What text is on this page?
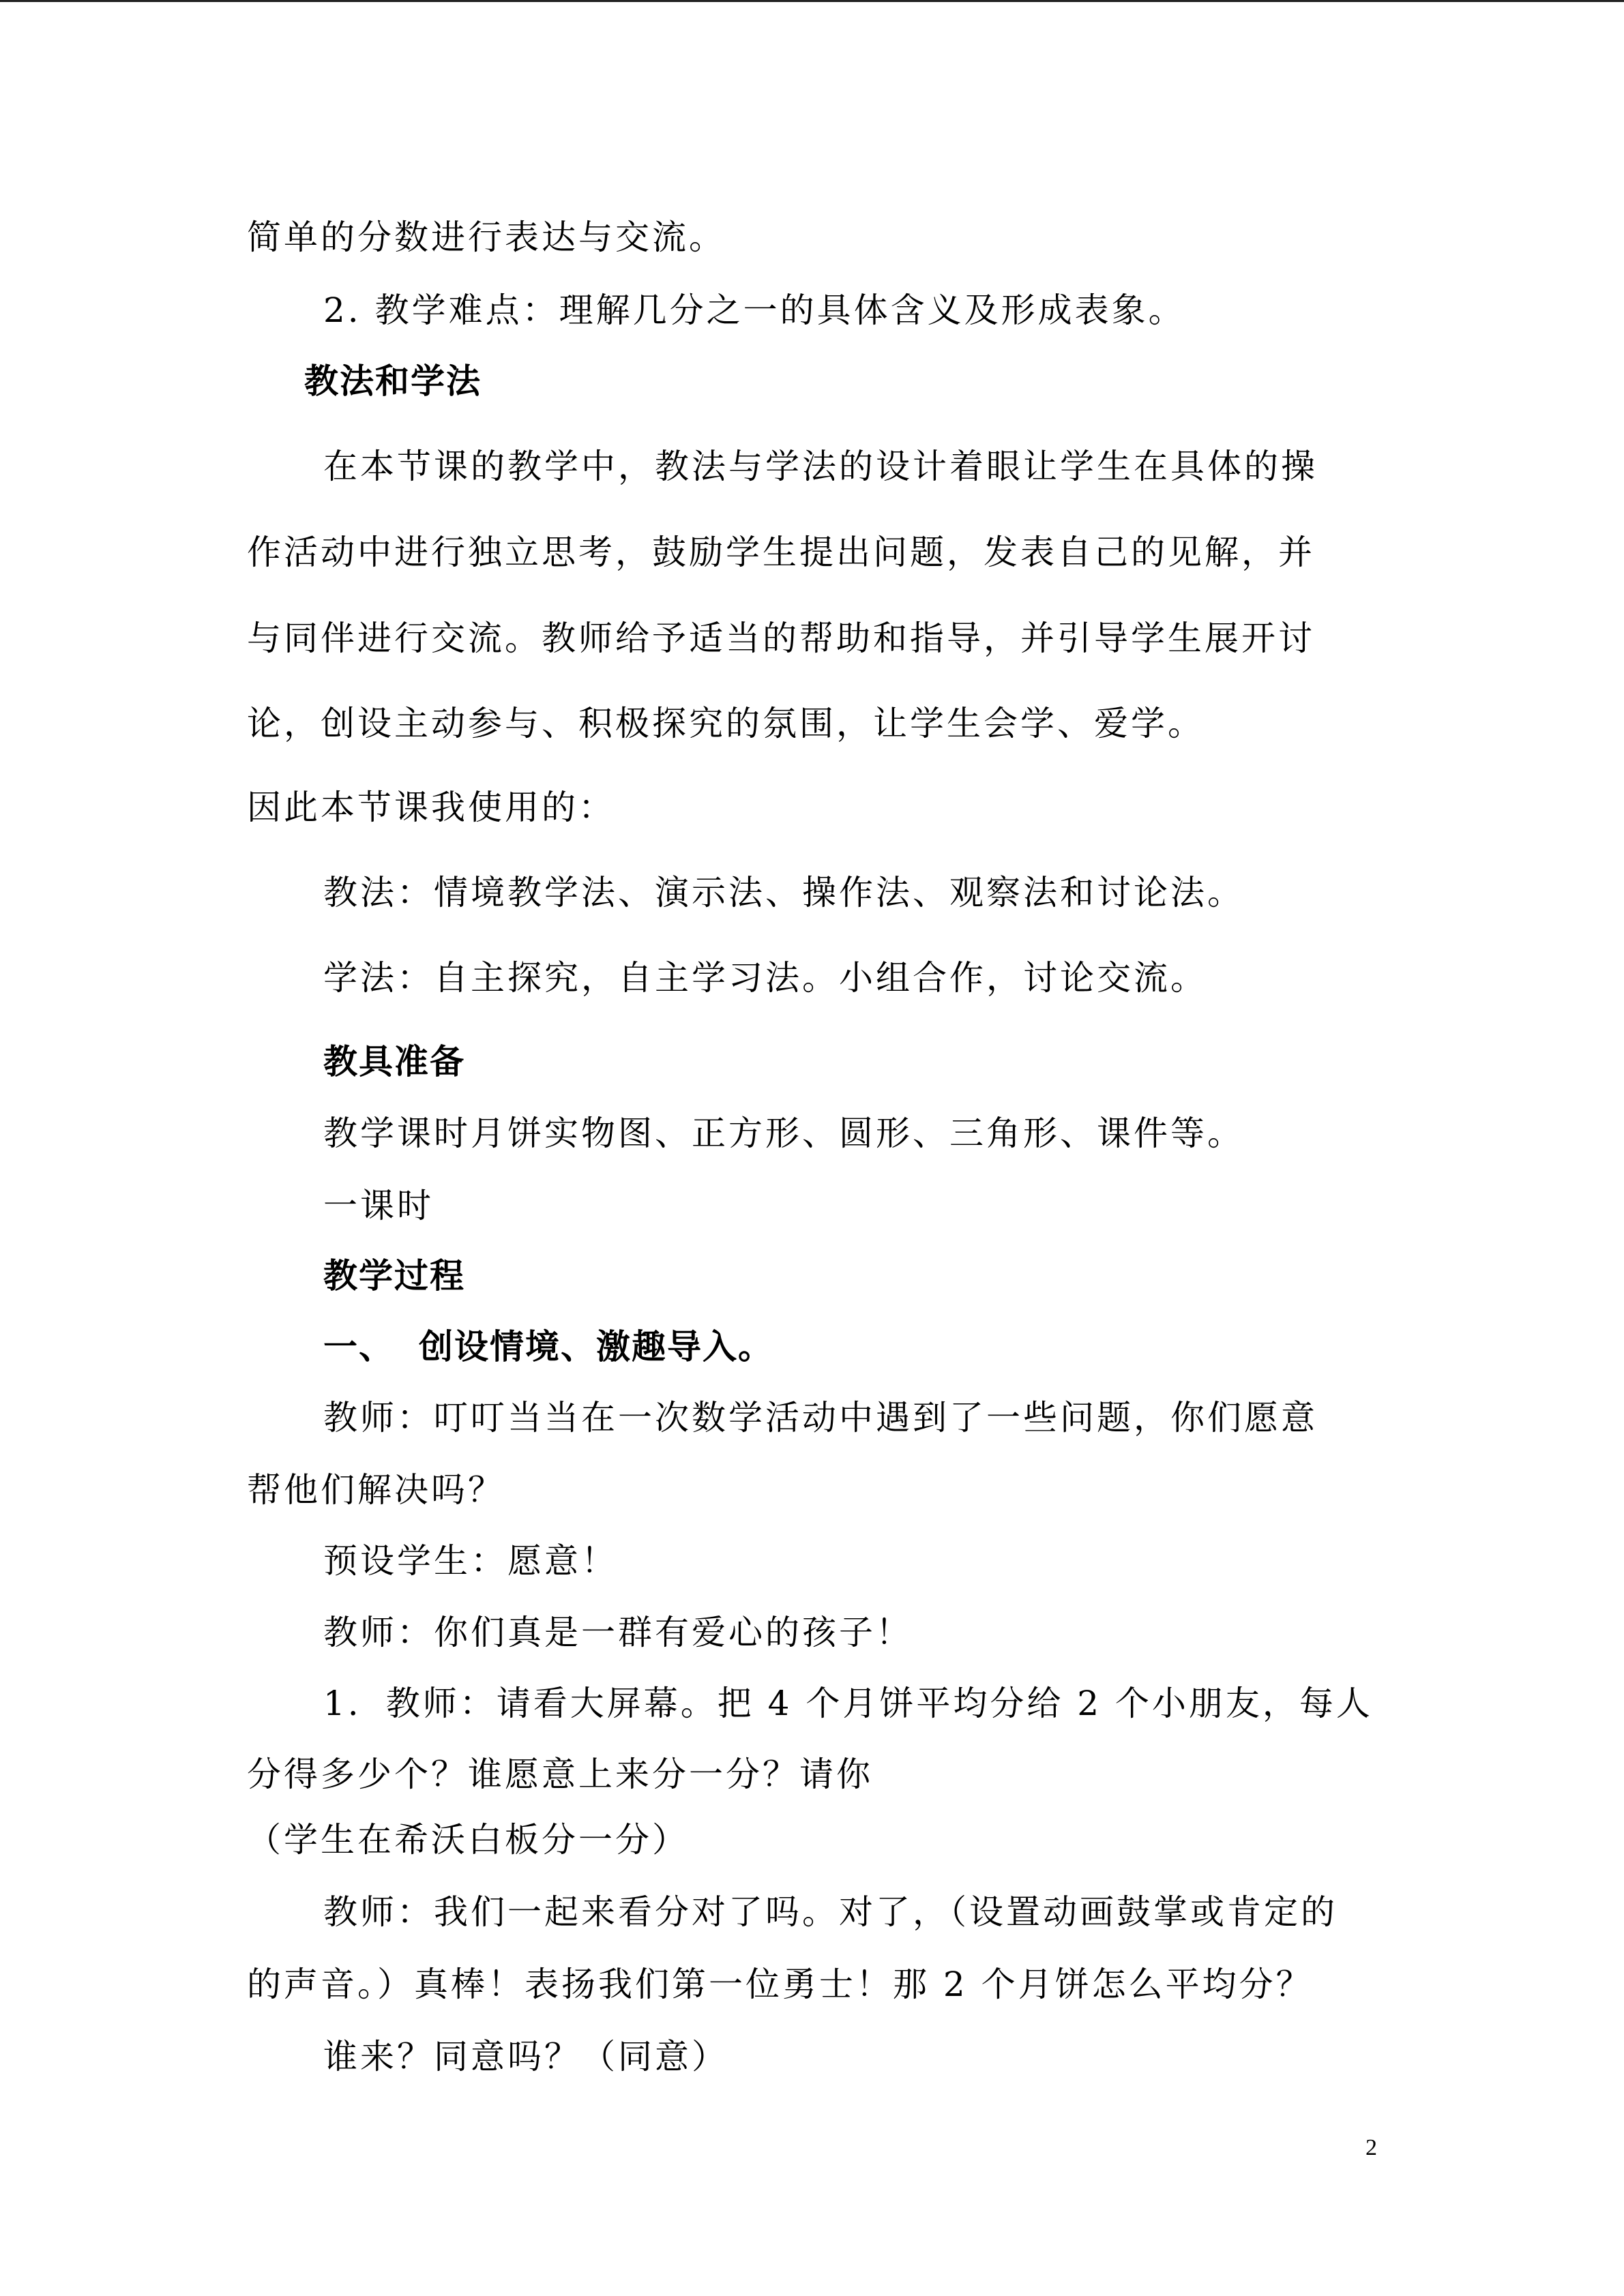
简单的分数进行表达与交流。
2. 教学难点：理解几分之一的具体含义及形成表象。
教法和学法
在本节课的教学中，教法与学法的设计着眼让学生在具体的操
作活动中进行独立思考，鼓励学生提出问题，发表自己的见解，并
与同伴进行交流。教师给予适当的帮助和指导，并引导学生展开讨
论，创设主动参与、积极探究的氛围，让学生会学、爱学。
因此本节课我使用的：
教法：情境教学法、演示法、操作法、观察法和讨论法。
学法：自主探究，自主学习法。小组合作，讨论交流。
教具准备
教学课时月饼实物图、正方形、圆形、三角形、课件等。
一课时
教学过程
一、 创设情境、激趣导入。
教师：叮叮当当在一次数学活动中遇到了一些问题，你们愿意
帮他们解决吗？
预设学生：愿意！
教师：你们真是一群有爱心的孩子！
1. 教师：请看大屏幕。把 4 个月饼平均分给 2 个小朋友，每人
分得多少个？谁愿意上来分一分？请你
（学生在希沃白板分一分）
教师：我们一起来看分对了吗。对了，（设置动画鼓掌或肯定的
的声音。）真棒！表扬我们第一位勇士！那 2 个月饼怎么平均分？
谁来？同意吗？（同意）
2
